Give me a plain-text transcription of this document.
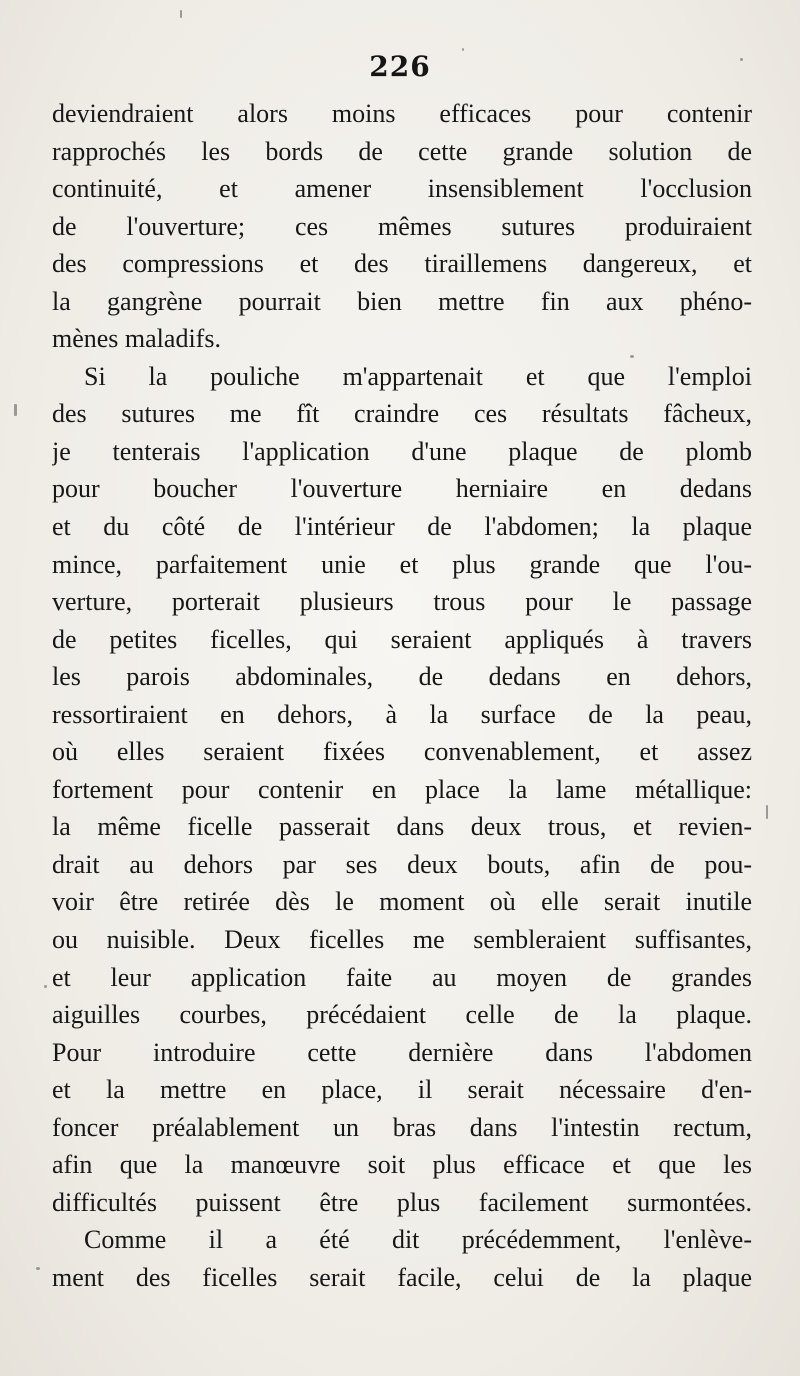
226
deviendraient alors moins efficaces pour contenir
rapprochés les bords de cette grande solution de
continuité, et amener insensiblement l'occlusion
de l'ouverture; ces mêmes sutures produiraient
des compressions et des tiraillemens dangereux, et
la gangrène pourrait bien mettre fin aux phéno-
mènes maladifs.
Si la pouliche m'appartenait et que l'emploi
des sutures me fît craindre ces résultats fâcheux,
je tenterais l'application d'une plaque de plomb
pour boucher l'ouverture herniaire en dedans
et du côté de l'intérieur de l'abdomen; la plaque
mince, parfaitement unie et plus grande que l'ou-
verture, porterait plusieurs trous pour le passage
de petites ficelles, qui seraient appliqués à travers
les parois abdominales, de dedans en dehors,
ressortiraient en dehors, à la surface de la peau,
où elles seraient fixées convenablement, et assez
fortement pour contenir en place la lame métallique:
la même ficelle passerait dans deux trous, et revien-
drait au dehors par ses deux bouts, afin de pou-
voir être retirée dès le moment où elle serait inutile
ou nuisible. Deux ficelles me sembleraient suffisantes,
et leur application faite au moyen de grandes
aiguilles courbes, précédaient celle de la plaque.
Pour introduire cette dernière dans l'abdomen
et la mettre en place, il serait nécessaire d'en-
foncer préalablement un bras dans l'intestin rectum,
afin que la manœuvre soit plus efficace et que les
difficultés puissent être plus facilement surmontées.
Comme il a été dit précédemment, l'enlève-
ment des ficelles serait facile, celui de la plaque
